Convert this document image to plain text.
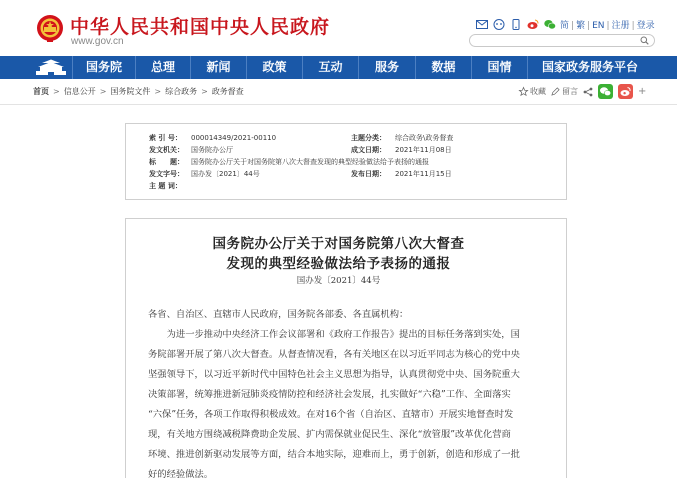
中华人民共和国中央人民政府
www.gov.cn
简 | 繁 | EN | 注册 | 登录
国务院	总理	新闻	政策	互动	服务	数据	国情	国家政务服务平台
首页 > 信息公开 > 国务院文件 > 综合政务 > 政务督查	收藏 留言	+
索 引 号： 000014349/2021-00110	主题分类： 综合政务\政务督查
发文机关： 国务院办公厅	成文日期： 2021年11月08日
标　　题： 国务院办公厅关于对国务院第八次大督查发现的典型经验做法给予表扬的通报
发文字号： 国办发〔2021〕44号	发布日期： 2021年11月15日
主 题 词：
国务院办公厅关于对国务院第八次大督查
发现的典型经验做法给予表扬的通报
国办发〔2021〕44号
各省、自治区、直辖市人民政府，国务院各部委、各直属机构：
　　为进一步推动中央经济工作会议部署和《政府工作报告》提出的目标任务落到实处，国
务院部署开展了第八次大督查。从督查情况看，各有关地区在以习近平同志为核心的党中央
坚强领导下，以习近平新时代中国特色社会主义思想为指导，认真贯彻党中央、国务院重大
决策部署，统筹推进新冠肺炎疫情防控和经济社会发展，扎实做好“六稳”工作、全面落实
“六保”任务，各项工作取得积极成效。在对16个省（自治区、直辖市）开展实地督查时发
现，有关地方围绕减税降费助企发展、扩内需保就业促民生、深化“放管服”改革优化营商
环境、推进创新驱动发展等方面，结合本地实际，迎难而上，勇于创新，创造和形成了一批
好的经验做法。
